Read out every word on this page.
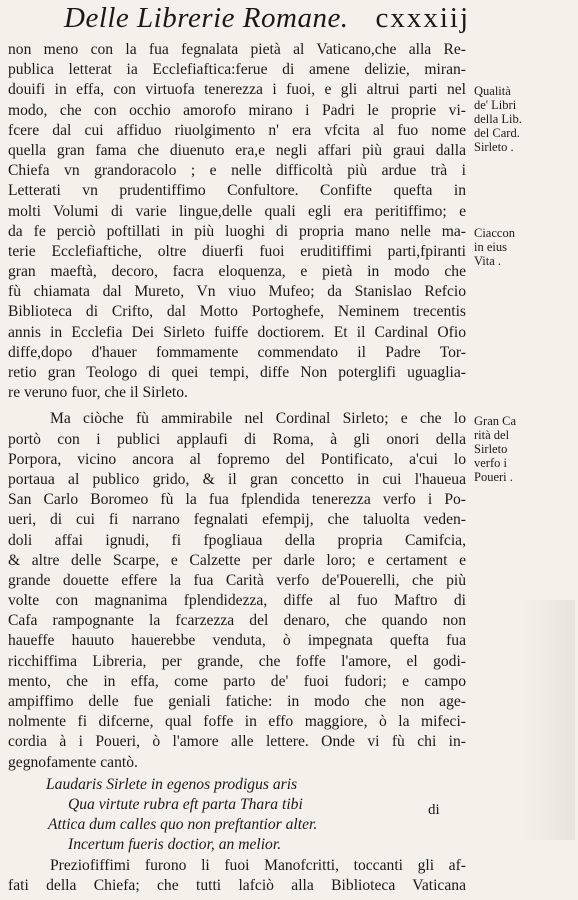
Delle Librerie Romane. cxxxiij
non meno con la fua fegnalata pietà al Vaticano,che alla Re-
publica letterat ia Ecclefiaftica:ferue di amene delizie, miran-
douifi in effa, con virtuofa tenerezza i fuoi, e gli altrui parti nel
modo, che con occhio amorofo mirano i Padri le proprie vi-
fcere dal cui affiduo riuolgimento n' era vfcita al fuo nome
quella gran fama che diuenuto era,e negli affari più graui dalla
Chiefa vn grandoracolo ; e nelle difficoltà più ardue trà i
Letterati vn prudentiffimo Confultore. Confifte quefta in
molti Volumi di varie lingue,delle quali egli era peritiffimo; e
da fe perciò poftillati in più luoghi di propria mano nelle ma-
terie Ecclefiaftiche, oltre diuerfi fuoi eruditiffimi parti,fpiranti
gran maeftà, decoro, facra eloquenza, e pietà in modo che
fù chiamata dal Mureto, Vn viuo Mufeo; da Stanislao Refcio
Biblioteca di Crifto, dal Motto Portoghefe, Neminem trecentis
annis in Ecclefia Dei Sirleto fuiffe doctiorem. Et il Cardinal Ofio
diffe,dopo d'hauer fommamente commendato il Padre Tor-
retio gran Teologo di quei tempi, diffe Non poterglifi uguaglia-
re veruno fuor, che il Sirleto.
Ma ciòche fù ammirabile nel Cordinal Sirleto; e che lo
portò con i publici applaufi di Roma, à gli onori della
Porpora, vicino ancora al fopremo del Pontificato, a'cui lo
portaua al publico grido, & il gran concetto in cui l'haueua
San Carlo Boromeo fù la fua fplendida tenerezza verfo i Po-
ueri, di cui fi narrano fegnalati efempij, che taluolta veden-
doli affai ignudi, fi fpogliaua della propria Camifcia,
& altre delle Scarpe, e Calzette per darle loro; e certament e
grande douette effere la fua Carità verfo de'Pouerelli, che più
volte con magnanima fplendidezza, diffe al fuo Maftro di
Cafa rampognante la fcarzezza del denaro, che quando non
haueffe hauuto hauerebbe venduta, ò impegnata quefta fua
ricchiffima Libreria, per grande, che foffe l'amore, el godi-
mento, che in effa, come parto de' fuoi fudori; e campo
ampiffimo delle fue geniali fatiche: in modo che non age-
nolmente fi difcerne, qual foffe in effo maggiore, ò la mifeci-
cordia à i Poueri, ò l'amore alle lettere. Onde vi fù chi in-
gegnofamente cantò.
Laudaris Sirlete in egenos prodigus aris
Qua virtute rubra eft parta Thara tibi
Attica dum calles quo non preftantior alter.
Incertum fueris doctior, an melior.
Preziofiffimi furono li fuoi Manofcritti, toccanti gli af-
fati della Chiefa; che tutti lafciò alla Biblioteca Vaticana
di
Qualità
de' Libri
della Lib.
del Card.
Sirleto .
Ciaccon
in eius
Vita .
Gran Ca
rità del
Sirleto
verfo i
Poueri .
